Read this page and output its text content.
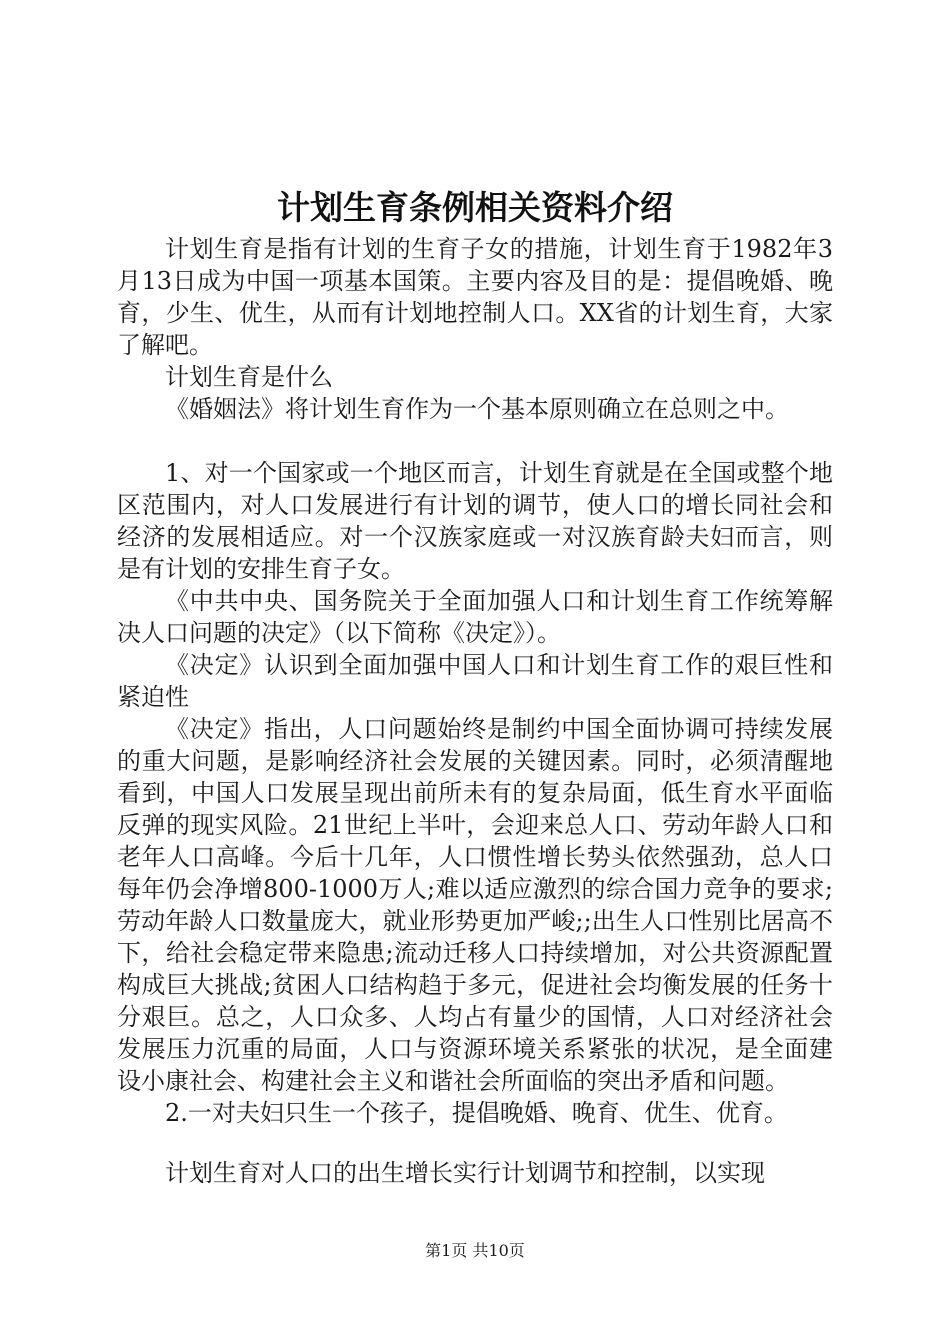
计划生育条例相关资料介绍

计划生育是指有计划的生育子女的措施，计划生育于1982年3月13日成为中国一项基本国策。主要内容及目的是：提倡晚婚、晚育，少生、优生，从而有计划地控制人口。XX省的计划生育，大家了解吧。

计划生育是什么

《婚姻法》将计划生育作为一个基本原则确立在总则之中。

1、对一个国家或一个地区而言，计划生育就是在全国或整个地区范围内，对人口发展进行有计划的调节，使人口的增长同社会和经济的发展相适应。对一个汉族家庭或一对汉族育龄夫妇而言，则是有计划的安排生育子女。

《中共中央、国务院关于全面加强人口和计划生育工作统筹解决人口问题的决定》（以下简称《决定》）。

《决定》认识到全面加强中国人口和计划生育工作的艰巨性和紧迫性

《决定》指出，人口问题始终是制约中国全面协调可持续发展的重大问题，是影响经济社会发展的关键因素。同时，必须清醒地看到，中国人口发展呈现出前所未有的复杂局面，低生育水平面临反弹的现实风险。21世纪上半叶，会迎来总人口、劳动年龄人口和老年人口高峰。今后十几年，人口惯性增长势头依然强劲，总人口每年仍会净增800-1000万人;难以适应激烈的综合国力竞争的要求;劳动年龄人口数量庞大，就业形势更加严峻;;出生人口性别比居高不下，给社会稳定带来隐患;流动迁移人口持续增加，对公共资源配置构成巨大挑战;贫困人口结构趋于多元，促进社会均衡发展的任务十分艰巨。总之，人口众多、人均占有量少的国情，人口对经济社会发展压力沉重的局面，人口与资源环境关系紧张的状况，是全面建设小康社会、构建社会主义和谐社会所面临的突出矛盾和问题。

2.一对夫妇只生一个孩子，提倡晚婚、晚育、优生、优育。

计划生育对人口的出生增长实行计划调节和控制，以实现

第1页 共10页
